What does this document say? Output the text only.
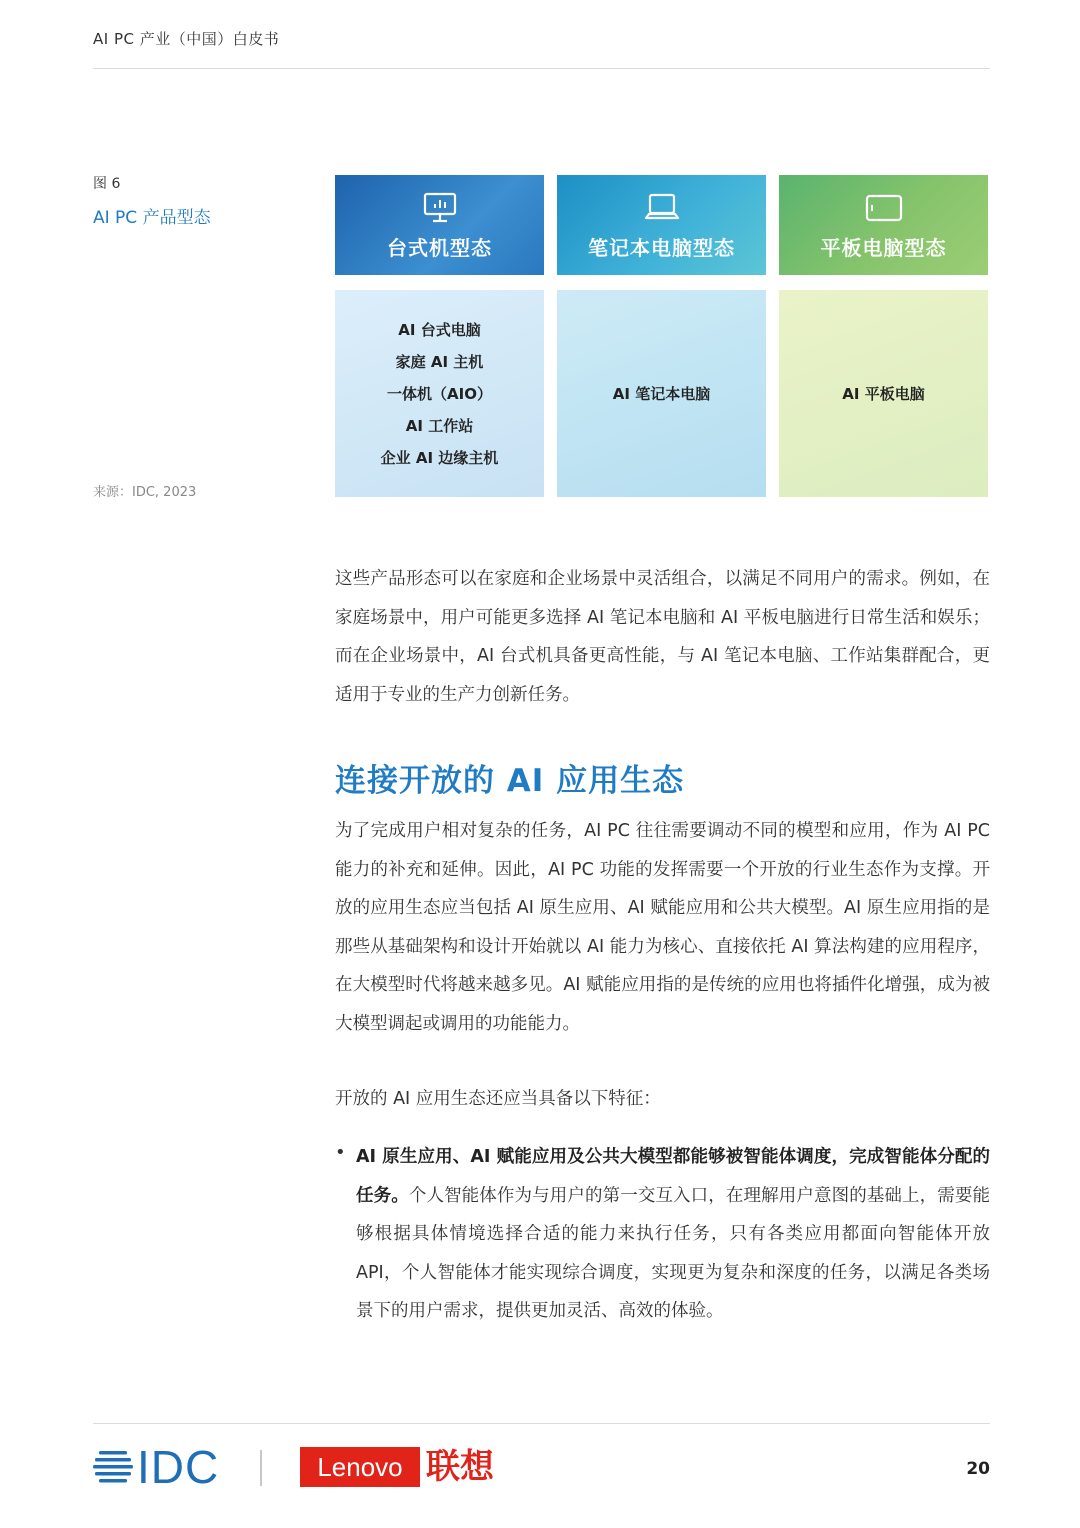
AI PC 产业（中国）白皮书
图 6
AI PC 产品型态
来源：IDC, 2023
台式机型态
AI 台式电脑
家庭 AI 主机
一体机（AIO）
AI 工作站
企业 AI 边缘主机
笔记本电脑型态
AI 笔记本电脑
平板电脑型态
AI 平板电脑

这些产品形态可以在家庭和企业场景中灵活组合，以满足不同用户的需求。例如，在家庭场景中，用户可能更多选择 AI 笔记本电脑和 AI 平板电脑进行日常生活和娱乐；而在企业场景中，AI 台式机具备更高性能，与 AI 笔记本电脑、工作站集群配合，更适用于专业的生产力创新任务。

连接开放的 AI 应用生态

为了完成用户相对复杂的任务，AI PC 往往需要调动不同的模型和应用，作为 AI PC 能力的补充和延伸。因此，AI PC 功能的发挥需要一个开放的行业生态作为支撑。开放的应用生态应当包括 AI 原生应用、AI 赋能应用和公共大模型。AI 原生应用指的是那些从基础架构和设计开始就以 AI 能力为核心、直接依托 AI 算法构建的应用程序，在大模型时代将越来越多见。AI 赋能应用指的是传统的应用也将插件化增强，成为被大模型调起或调用的功能能力。

开放的 AI 应用生态还应当具备以下特征：

• AI 原生应用、AI 赋能应用及公共大模型都能够被智能体调度，完成智能体分配的任务。个人智能体作为与用户的第一交互入口，在理解用户意图的基础上，需要能够根据具体情境选择合适的能力来执行任务，只有各类应用都面向智能体开放 API，个人智能体才能实现综合调度，实现更为复杂和深度的任务，以满足各类场景下的用户需求，提供更加灵活、高效的体验。

IDC	Lenovo 联想	20
